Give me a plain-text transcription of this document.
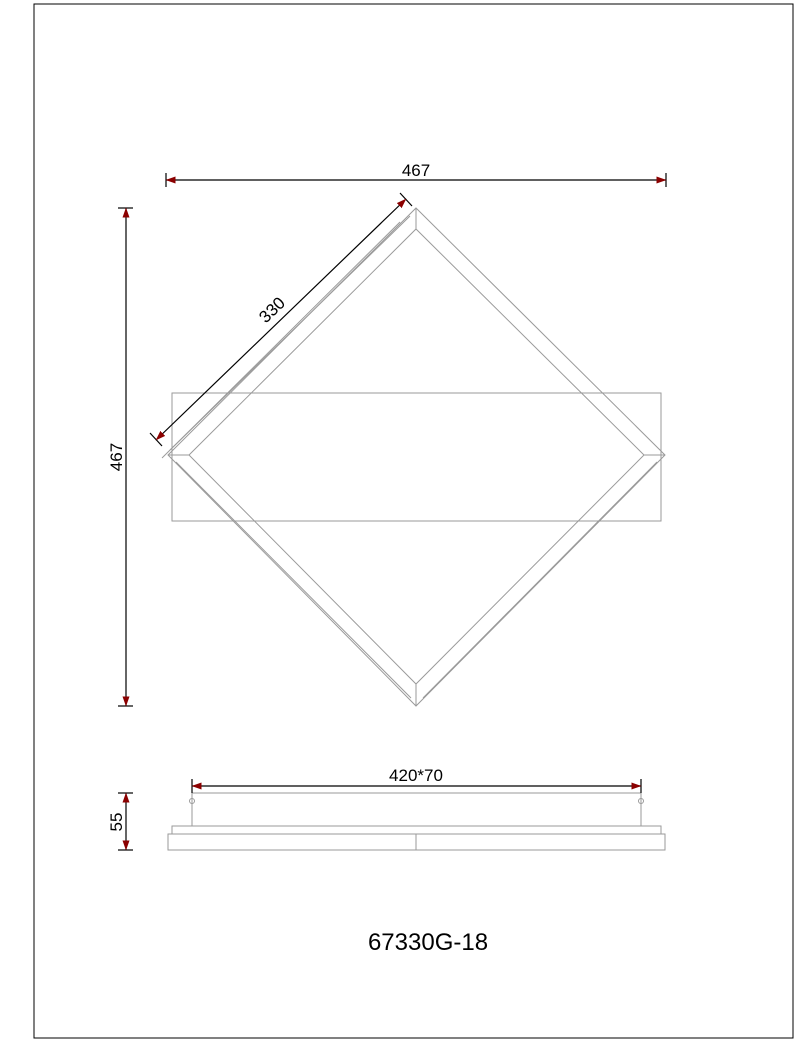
467
467
330
420*70
55
67330G-18
